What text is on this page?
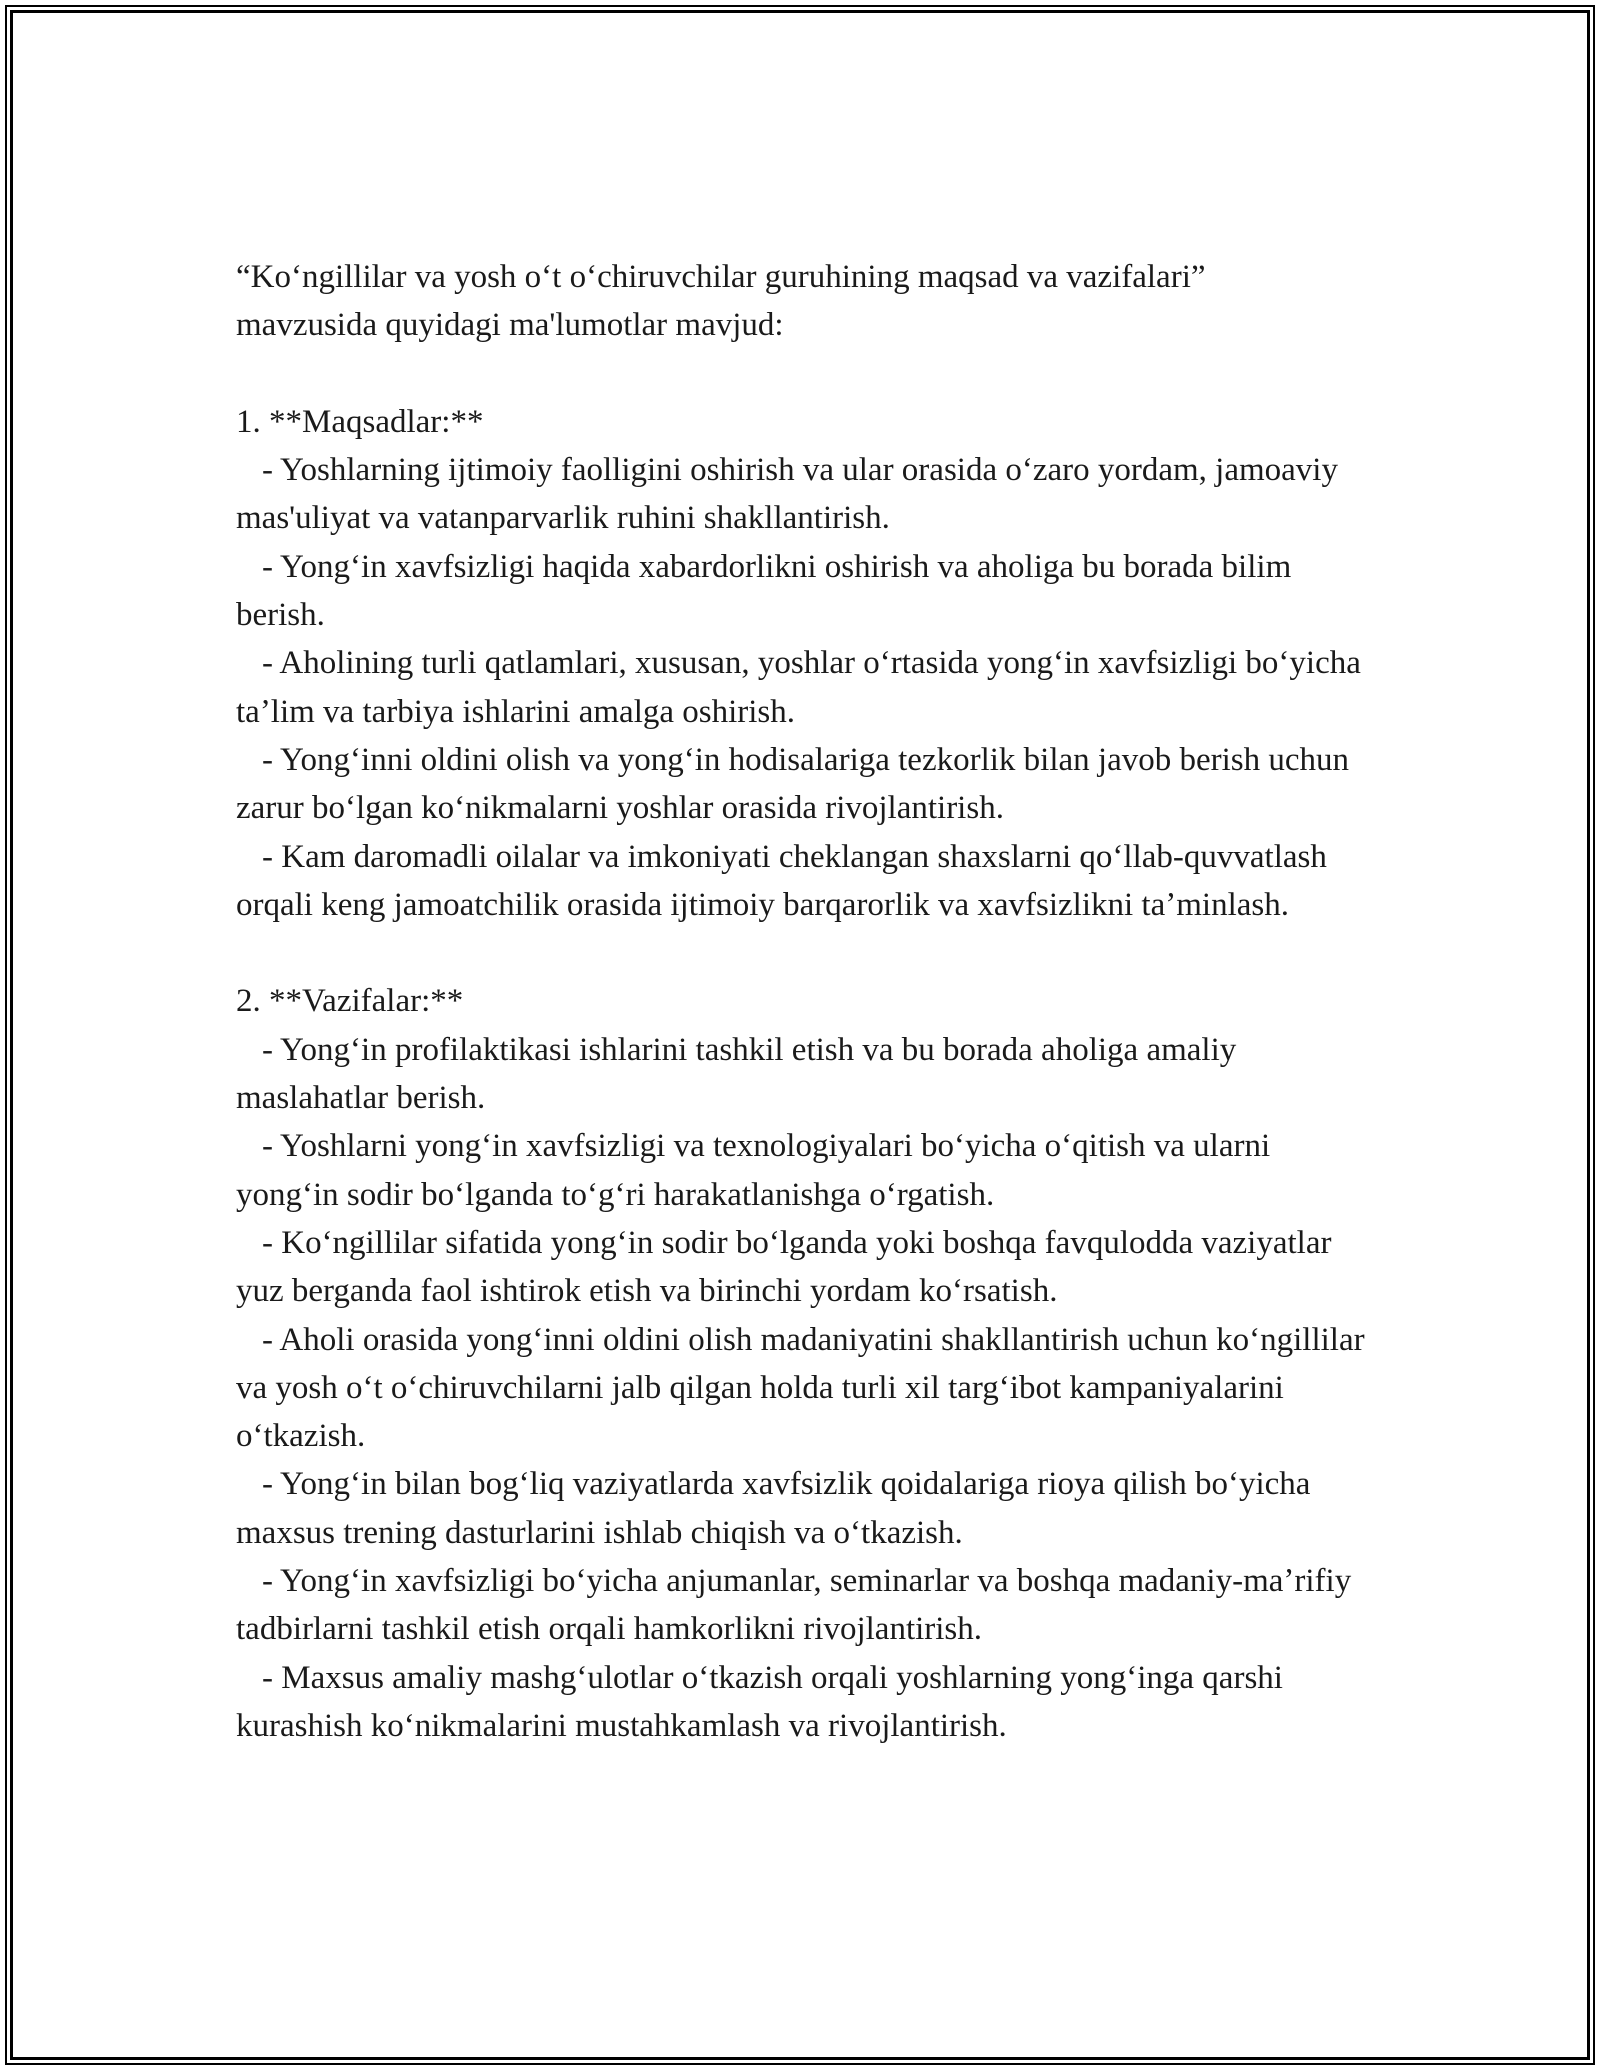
“Koʻngillilar va yosh oʻt oʻchiruvchilar guruhining maqsad va vazifalari”

mavzusida quyidagi ma'lumotlar mavjud:

1. **Maqsadlar:**

- Yoshlarning ijtimoiy faolligini oshirish va ular orasida oʻzaro yordam, jamoaviy mas'uliyat va vatanparvarlik ruhini shakllantirish.

- Yongʻin xavfsizligi haqida xabardorlikni oshirish va aholiga bu borada bilim berish.

- Aholining turli qatlamlari, xususan, yoshlar oʻrtasida yongʻin xavfsizligi boʻyicha taʼlim va tarbiya ishlarini amalga oshirish.

- Yongʻinni oldini olish va yongʻin hodisalariga tezkorlik bilan javob berish uchun zarur boʻlgan koʻnikmalarni yoshlar orasida rivojlantirish.

- Kam daromadli oilalar va imkoniyati cheklangan shaxslarni qoʻllab-quvvatlash orqali keng jamoatchilik orasida ijtimoiy barqarorlik va xavfsizlikni taʼminlash.

2. **Vazifalar:**

- Yongʻin profilaktikasi ishlarini tashkil etish va bu borada aholiga amaliy maslahatlar berish.

- Yoshlarni yongʻin xavfsizligi va texnologiyalari boʻyicha oʻqitish va ularni yongʻin sodir boʻlganda toʻgʻri harakatlanishga oʻrgatish.

- Koʻngillilar sifatida yongʻin sodir boʻlganda yoki boshqa favqulodda vaziyatlar yuz berganda faol ishtirok etish va birinchi yordam koʻrsatish.

- Aholi orasida yongʻinni oldini olish madaniyatini shakllantirish uchun koʻngillilar va yosh oʻt oʻchiruvchilarni jalb qilgan holda turli xil targʻibot kampaniyalarini oʻtkazish.

- Yongʻin bilan bogʻliq vaziyatlarda xavfsizlik qoidalariga rioya qilish boʻyicha maxsus trening dasturlarini ishlab chiqish va oʻtkazish.

- Yongʻin xavfsizligi boʻyicha anjumanlar, seminarlar va boshqa madaniy-maʼrifiy tadbirlarni tashkil etish orqali hamkorlikni rivojlantirish.

- Maxsus amaliy mashgʻulotlar oʻtkazish orqali yoshlarning yongʻinga qarshi kurashish koʻnikmalarini mustahkamlash va rivojlantirish.
